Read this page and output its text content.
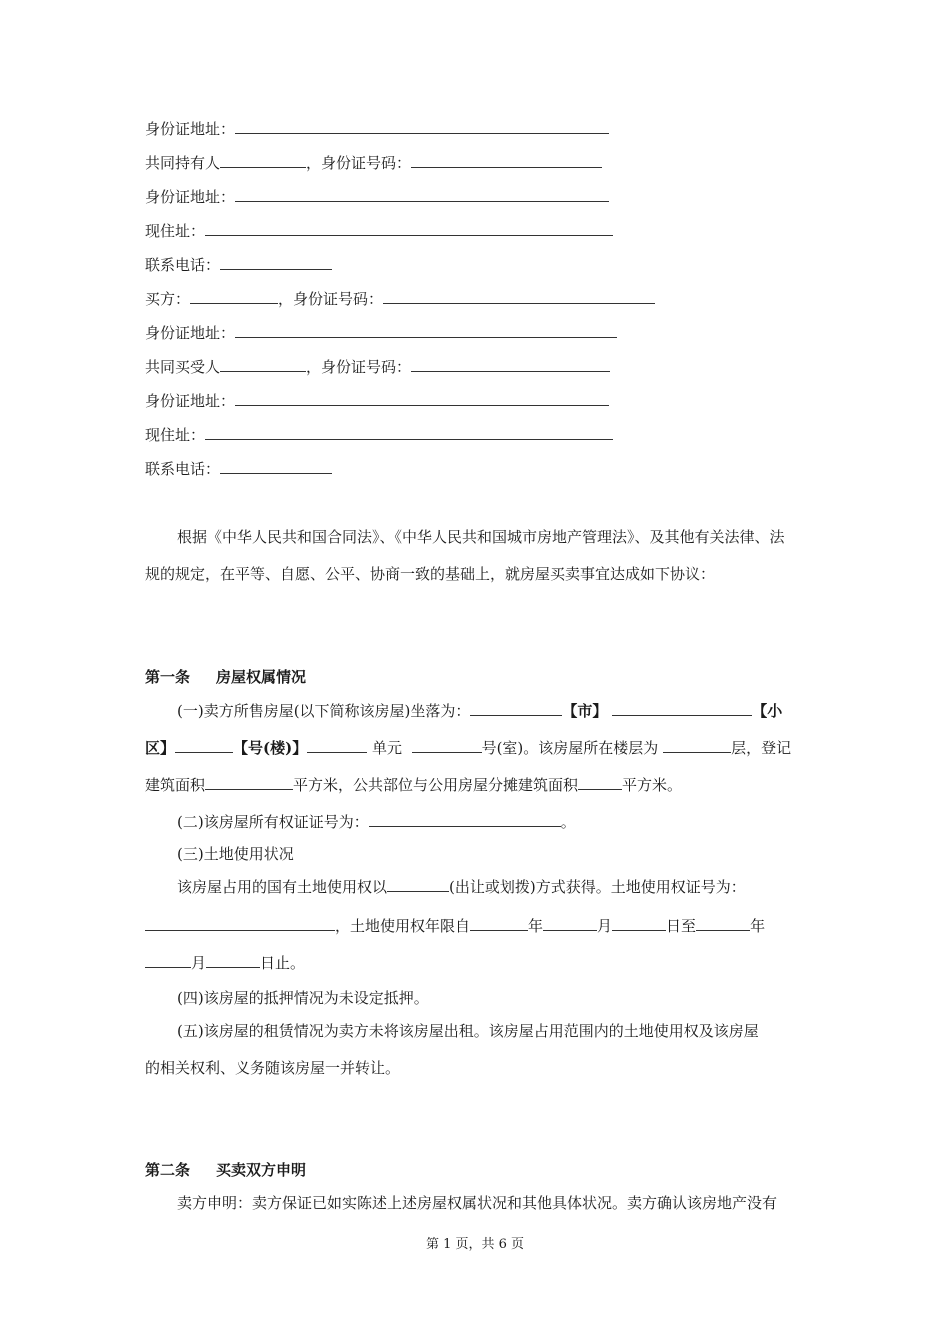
身份证地址：
共同持有人	，身份证号码：
身份证地址：
现住址：
联系电话：
买方：	，身份证号码：
身份证地址：
共同买受人	，身份证号码：
身份证地址：
现住址：
联系电话：
根据《中华人民共和国合同法》、《中华人民共和国城市房地产管理法》、及其他有关法律、法
规的规定，在平等、自愿、公平、协商一致的基础上，就房屋买卖事宜达成如下协议：
第一条 房屋权属情况
(一)卖方所售房屋(以下简称该房屋)坐落为：	【市】	【小
区】	【号(楼)】	单元	号(室)。该房屋所在楼层为	层，登记
建筑面积	平方米，公共部位与公用房屋分摊建筑面积	平方米。
(二)该房屋所有权证证号为：	。
(三)土地使用状况
该房屋占用的国有土地使用权以	(出让或划拨)方式获得。土地使用权证号为：
，土地使用权年限自	年	月	日至	年
月	日止。
(四)该房屋的抵押情况为未设定抵押。
(五)该房屋的租赁情况为卖方未将该房屋出租。该房屋占用范围内的土地使用权及该房屋
的相关权利、义务随该房屋一并转让。
第二条 买卖双方申明
卖方申明：卖方保证已如实陈述上述房屋权属状况和其他具体状况。卖方确认该房地产没有
第 1 页，共 6 页
